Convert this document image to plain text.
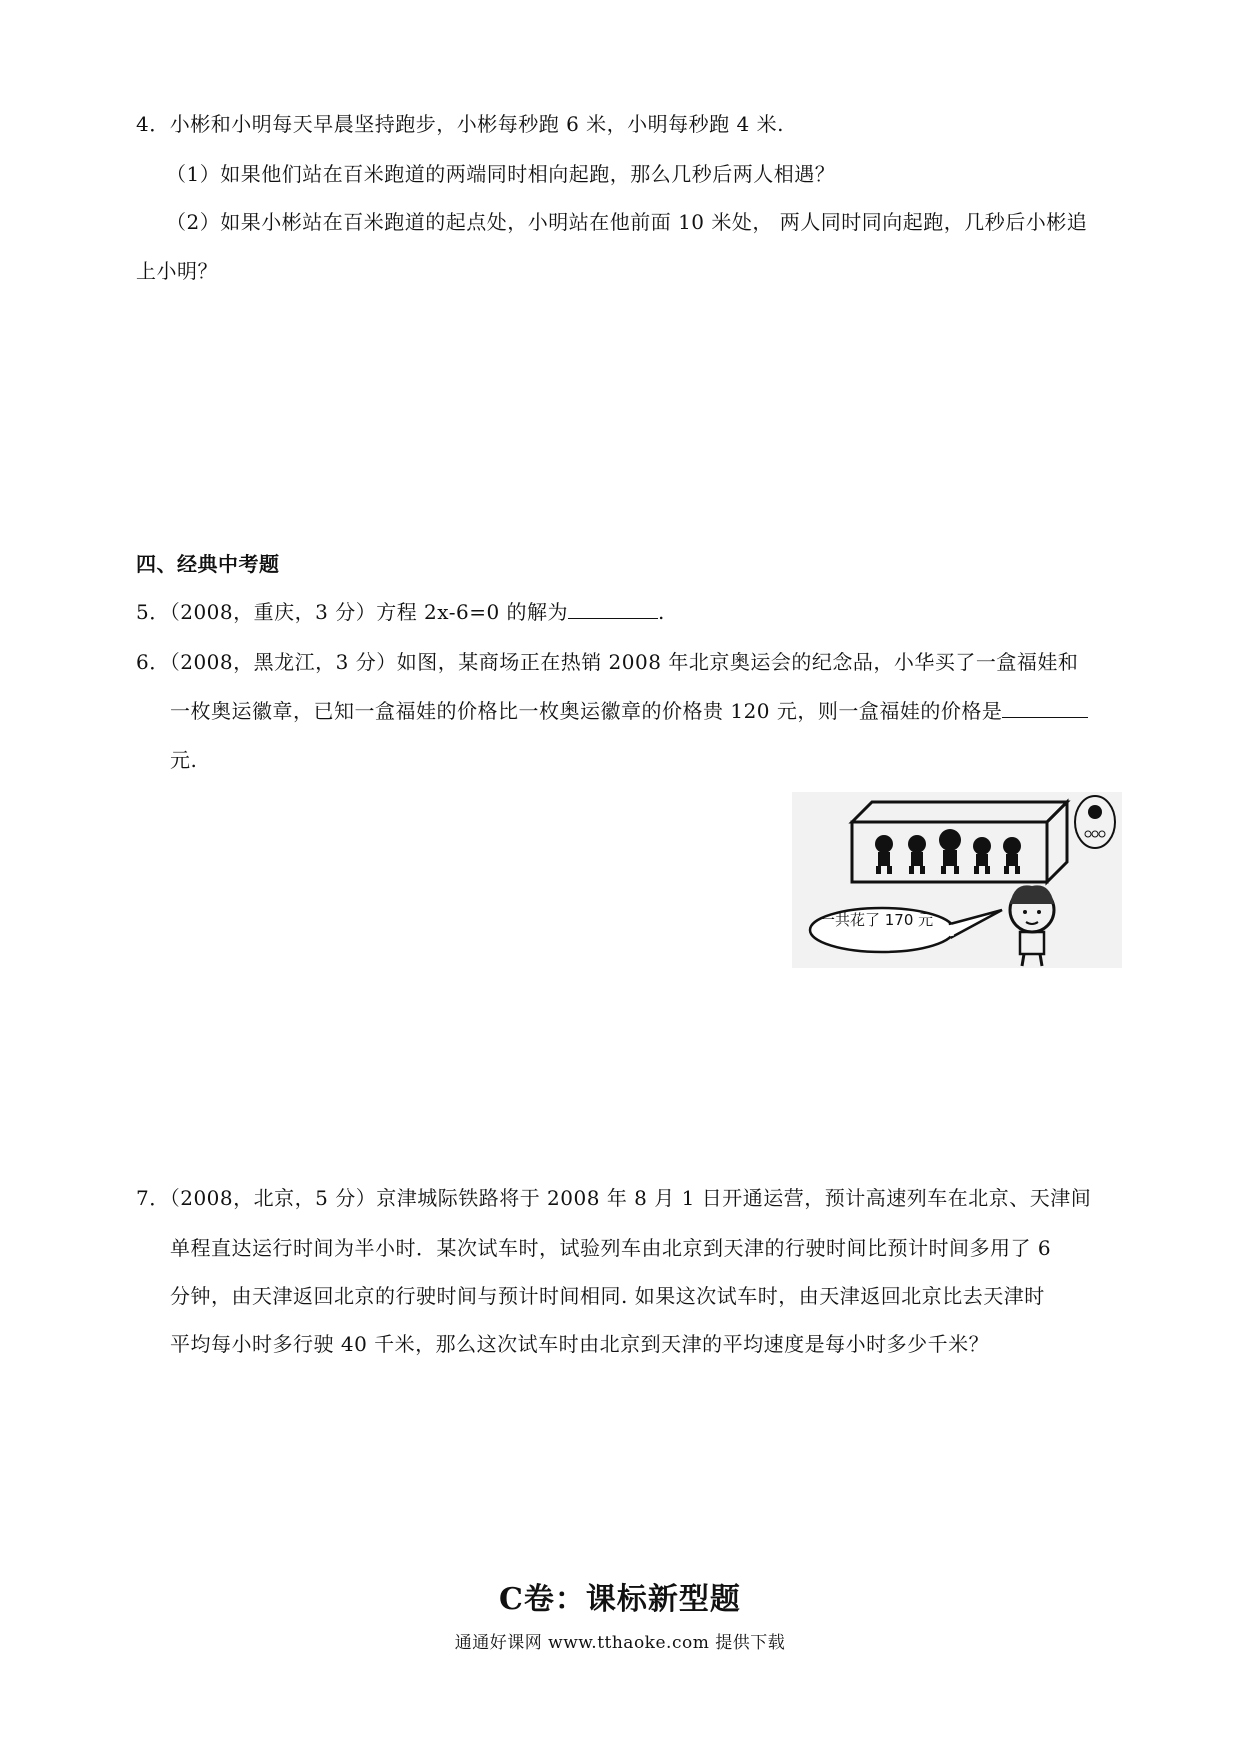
4．小彬和小明每天早晨坚持跑步，小彬每秒跑 6 米，小明每秒跑 4 米.
（1）如果他们站在百米跑道的两端同时相向起跑，那么几秒后两人相遇？
（2）如果小彬站在百米跑道的起点处，小明站在他前面 10 米处， 两人同时同向起跑，几秒后小彬追
上小明？
四、经典中考题
5．（2008，重庆，3 分）方程 2x-6=0 的解为	.
6．（2008，黑龙江，3 分）如图，某商场正在热销 2008 年北京奥运会的纪念品，小华买了一盒福娃和
一枚奥运徽章，已知一盒福娃的价格比一枚奥运徽章的价格贵 120 元，则一盒福娃的价格是
元.
一共花了 170 元
7．（2008，北京，5 分）京津城际铁路将于 2008 年 8 月 1 日开通运营，预计高速列车在北京、天津间
单程直达运行时间为半小时．某次试车时，试验列车由北京到天津的行驶时间比预计时间多用了 6
分钟，由天津返回北京的行驶时间与预计时间相同. 如果这次试车时，由天津返回北京比去天津时
平均每小时多行驶 40 千米，那么这次试车时由北京到天津的平均速度是每小时多少千米？
C卷：课标新型题
通通好课网 www.tthaoke.com 提供下载
